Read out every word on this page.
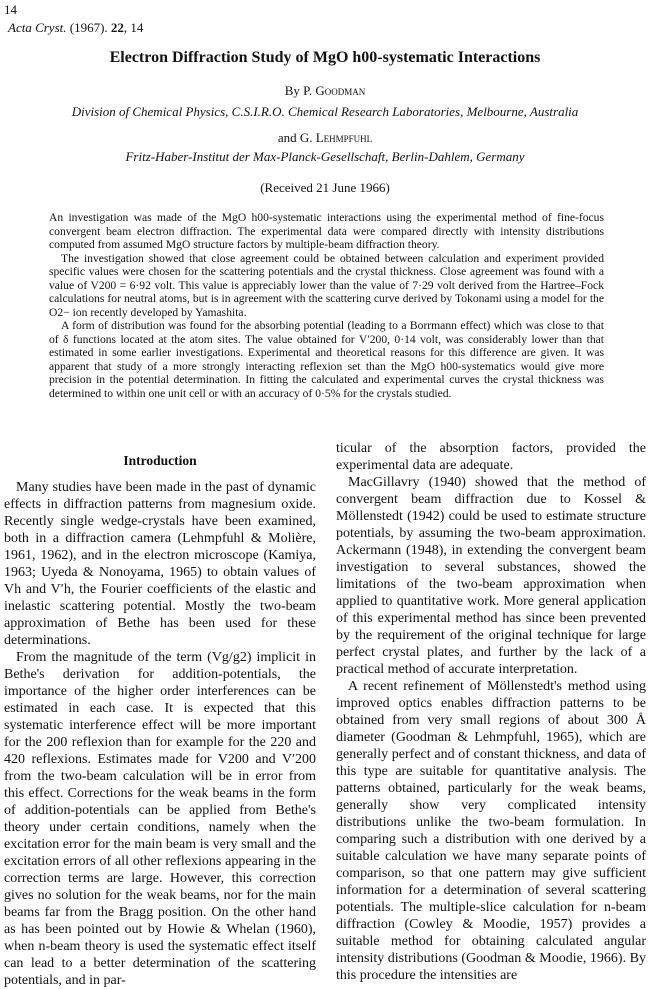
14
Acta Cryst. (1967). 22, 14
Electron Diffraction Study of MgO h00-systematic Interactions
By P. Goodman
Division of Chemical Physics, C.S.I.R.O. Chemical Research Laboratories, Melbourne, Australia
and G. Lehmpfuhl
Fritz-Haber-Institut der Max-Planck-Gesellschaft, Berlin-Dahlem, Germany
(Received 21 June 1966)

An investigation was made of the MgO h00-systematic interactions using the experimental method of fine-focus convergent beam electron diffraction. The experimental data were compared directly with intensity distributions computed from assumed MgO structure factors by multiple-beam diffraction theory.

The investigation showed that close agreement could be obtained between calculation and experiment provided specific values were chosen for the scattering potentials and the crystal thickness. Close agreement was found with a value of V200 = 6·92 volt. This value is appreciably lower than the value of 7·29 volt derived from the Hartree–Fock calculations for neutral atoms, but is in agreement with the scattering curve derived by Tokonami using a model for the O2− ion recently developed by Yamashita.

A form of distribution was found for the absorbing potential (leading to a Borrmann effect) which was close to that of δ functions located at the atom sites. The value obtained for V′200, 0·14 volt, was considerably lower than that estimated in some earlier investigations. Experimental and theoretical reasons for this difference are given. It was apparent that study of a more strongly interacting reflexion set than the MgO h00-systematics would give more precision in the potential determination. In fitting the calculated and experimental curves the crystal thickness was determined to within one unit cell or with an accuracy of 0·5% for the crystals studied.

Introduction

Many studies have been made in the past of dynamic effects in diffraction patterns from magnesium oxide. Recently single wedge-crystals have been examined, both in a diffraction camera (Lehmpfuhl & Molière, 1961, 1962), and in the electron microscope (Kamiya, 1963; Uyeda & Nonoyama, 1965) to obtain values of Vh and V′h, the Fourier coefficients of the elastic and inelastic scattering potential. Mostly the two-beam approximation of Bethe has been used for these determinations.

From the magnitude of the term (Vg/g2) implicit in Bethe's derivation for addition-potentials, the importance of the higher order interferences can be estimated in each case. It is expected that this systematic interference effect will be more important for the 200 reflexion than for example for the 220 and 420 reflexions. Estimates made for V200 and V′200 from the two-beam calculation will be in error from this effect. Corrections for the weak beams in the form of addition-potentials can be applied from Bethe's theory under certain conditions, namely when the excitation error for the main beam is very small and the excitation errors of all other reflexions appearing in the correction terms are large. However, this correction gives no solution for the weak beams, nor for the main beams far from the Bragg position. On the other hand as has been pointed out by Howie & Whelan (1960), when n-beam theory is used the systematic effect itself can lead to a better determination of the scattering potentials, and in par-

ticular of the absorption factors, provided the experimental data are adequate.

MacGillavry (1940) showed that the method of convergent beam diffraction due to Kossel & Möllenstedt (1942) could be used to estimate structure potentials, by assuming the two-beam approximation. Ackermann (1948), in extending the convergent beam investigation to several substances, showed the limitations of the two-beam approximation when applied to quantitative work. More general application of this experimental method has since been prevented by the requirement of the original technique for large perfect crystal plates, and further by the lack of a practical method of accurate interpretation.

A recent refinement of Möllenstedt's method using improved optics enables diffraction patterns to be obtained from very small regions of about 300 Å diameter (Goodman & Lehmpfuhl, 1965), which are generally perfect and of constant thickness, and data of this type are suitable for quantitative analysis. The patterns obtained, particularly for the weak beams, generally show very complicated intensity distributions unlike the two-beam formulation. In comparing such a distribution with one derived by a suitable calculation we have many separate points of comparison, so that one pattern may give sufficient information for a determination of several scattering potentials. The multiple-slice calculation for n-beam diffraction (Cowley & Moodie, 1957) provides a suitable method for obtaining calculated angular intensity distributions (Goodman & Moodie, 1966). By this procedure the intensities are
